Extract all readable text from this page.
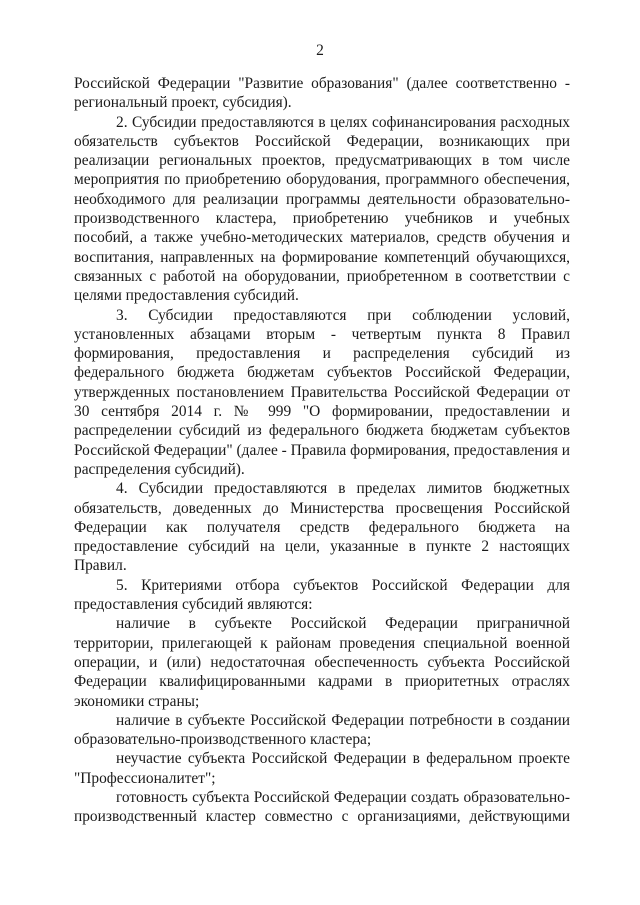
2

Российской Федерации "Развитие образования" (далее соответственно - региональный проект, субсидия).

2. Субсидии предоставляются в целях софинансирования расходных обязательств субъектов Российской Федерации, возникающих при реализации региональных проектов, предусматривающих в том числе мероприятия по приобретению оборудования, программного обеспечения, необходимого для реализации программы деятельности образовательно-производственного кластера, приобретению учебников и учебных пособий, а также учебно-методических материалов, средств обучения и воспитания, направленных на формирование компетенций обучающихся, связанных с работой на оборудовании, приобретенном в соответствии с целями предоставления субсидий.

3. Субсидии предоставляются при соблюдении условий, установленных абзацами вторым - четвертым пункта 8 Правил формирования, предоставления и распределения субсидий из федерального бюджета бюджетам субъектов Российской Федерации, утвержденных постановлением Правительства Российской Федерации от 30 сентября 2014 г. № 999 "О формировании, предоставлении и распределении субсидий из федерального бюджета бюджетам субъектов Российской Федерации" (далее - Правила формирования, предоставления и распределения субсидий).

4. Субсидии предоставляются в пределах лимитов бюджетных обязательств, доведенных до Министерства просвещения Российской Федерации как получателя средств федерального бюджета на предоставление субсидий на цели, указанные в пункте 2 настоящих Правил.

5. Критериями отбора субъектов Российской Федерации для предоставления субсидий являются:

наличие в субъекте Российской Федерации приграничной территории, прилегающей к районам проведения специальной военной операции, и (или) недостаточная обеспеченность субъекта Российской Федерации квалифицированными кадрами в приоритетных отраслях экономики страны;

наличие в субъекте Российской Федерации потребности в создании образовательно-производственного кластера;

неучастие субъекта Российской Федерации в федеральном проекте "Профессионалитет";

готовность субъекта Российской Федерации создать образовательно-производственный кластер совместно с организациями, действующими
